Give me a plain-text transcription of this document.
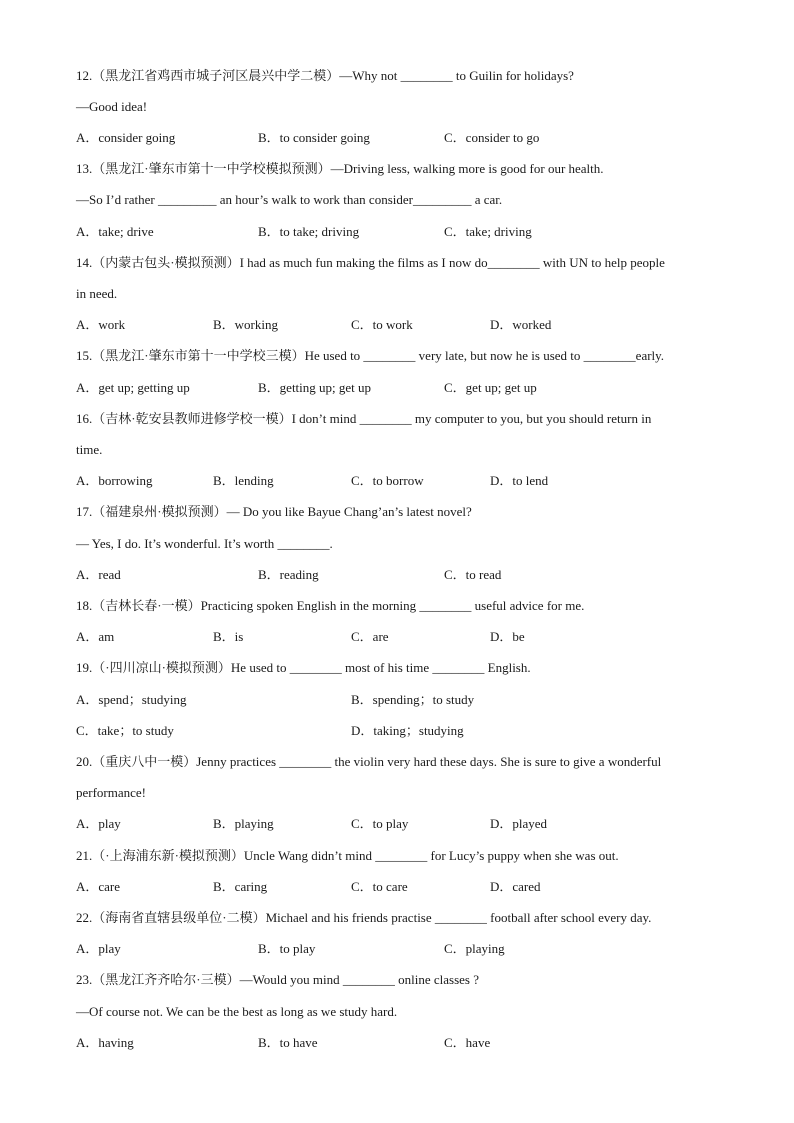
12.（黑龙江省鸡西市城子河区晨兴中学二模）—Why not ________ to Guilin for holidays?
—Good idea!
A．consider going	B．to consider going	C．consider to go
13.（黑龙江·肇东市第十一中学校模拟预测）—Driving less, walking more is good for our health.
—So I’d rather _________ an hour’s walk to work than consider_________ a car.
A．take; drive	B．to take; driving	C．take; driving
14.（内蒙古包头·模拟预测）I had as much fun making the films as I now do________ with UN to help people
in need.
A．work	B．working	C．to work	D．worked
15.（黑龙江·肇东市第十一中学校三模）He used to ________ very late, but now he is used to ________early.
A．get up; getting up	B．getting up; get up	C．get up; get up
16.（吉林·乾安县教师进修学校一模）I don’t mind ________ my computer to you, but you should return in
time.
A．borrowing	B．lending	C．to borrow	D．to lend
17.（福建泉州·模拟预测）— Do you like Bayue Chang’an’s latest novel?
— Yes, I do. It’s wonderful. It’s worth ________.
A．read	B．reading	C．to read
18.（吉林长春·一模）Practicing spoken English in the morning ________ useful advice for me.
A．am	B．is	C．are	D．be
19.（·四川凉山·模拟预测）He used to ________ most of his time ________ English.
A．spend；studying	B．spending；to study
C．take；to study	D．taking；studying
20.（重庆八中一模）Jenny practices ________ the violin very hard these days. She is sure to give a wonderful
performance!
A．play	B．playing	C．to play	D．played
21.（·上海浦东新·模拟预测）Uncle Wang didn’t mind ________ for Lucy’s puppy when she was out.
A．care	B．caring	C．to care	D．cared
22.（海南省直辖县级单位·二模）Michael and his friends practise ________ football after school every day.
A．play	B．to play	C．playing
23.（黑龙江齐齐哈尔·三模）—Would you mind ________ online classes ?
—Of course not. We can be the best as long as we study hard.
A．having	B．to have	C．have
